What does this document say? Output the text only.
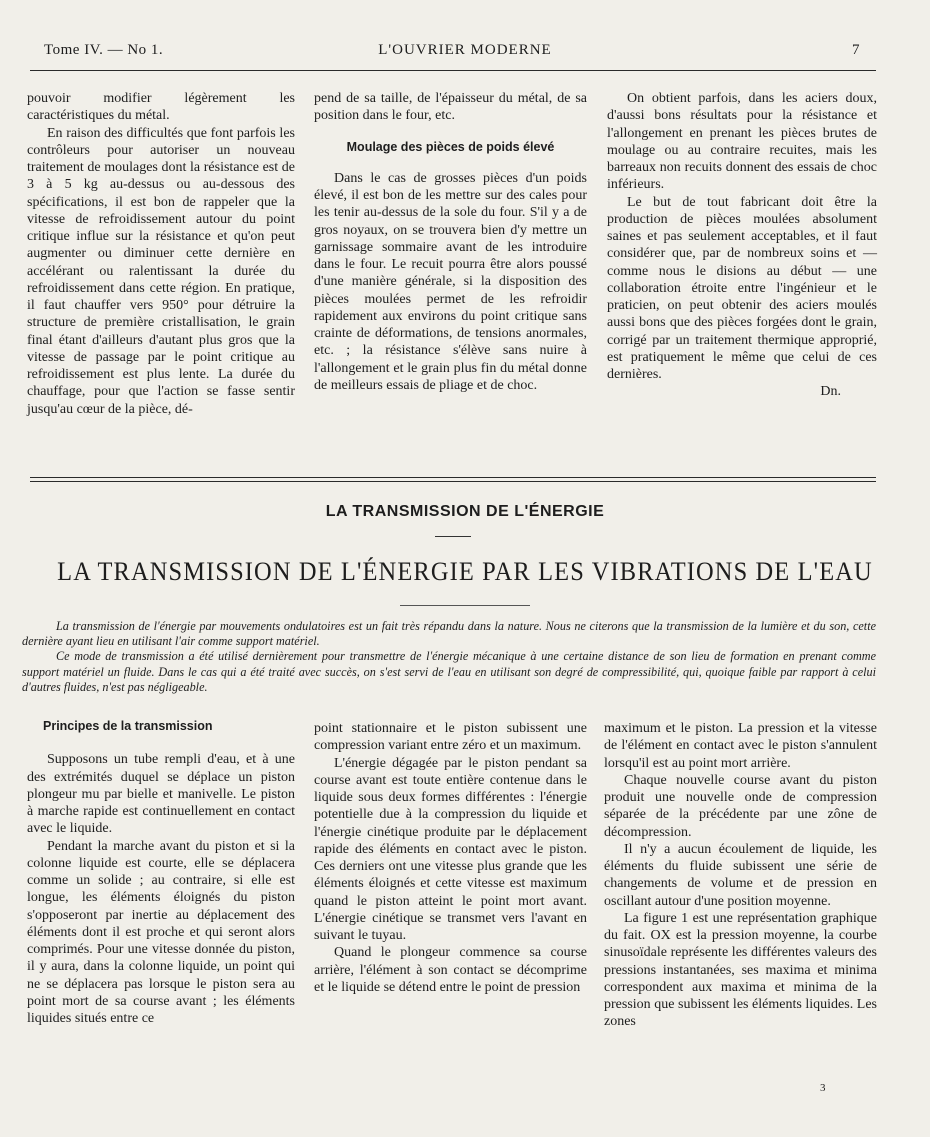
Tome IV. — No 1.	L'OUVRIER MODERNE	7

pouvoir modifier légèrement les caractéristiques du métal.

En raison des difficultés que font parfois les contrôleurs pour autoriser un nouveau traitement de moulages dont la résistance est de 3 à 5 kg au-dessus ou au-dessous des spécifications, il est bon de rappeler que la vitesse de refroidissement autour du point critique influe sur la résistance et qu'on peut augmenter ou diminuer cette dernière en accélérant ou ralentissant la durée du refroidissement dans cette région. En pratique, il faut chauffer vers 950° pour détruire la structure de première cristallisation, le grain final étant d'ailleurs d'autant plus gros que la vitesse de passage par le point critique au refroidissement est plus lente. La durée du chauffage, pour que l'action se fasse sentir jusqu'au cœur de la pièce, dé-

pend de sa taille, de l'épaisseur du métal, de sa position dans le four, etc.

Moulage des pièces de poids élevé

Dans le cas de grosses pièces d'un poids élevé, il est bon de les mettre sur des cales pour les tenir au-dessus de la sole du four. S'il y a de gros noyaux, on se trouvera bien d'y mettre un garnissage sommaire avant de les introduire dans le four. Le recuit pourra être alors poussé d'une manière générale, si la disposition des pièces moulées permet de les refroidir rapidement aux environs du point critique sans crainte de déformations, de tensions anormales, etc. ; la résistance s'élève sans nuire à l'allongement et le grain plus fin du métal donne de meilleurs essais de pliage et de choc.

On obtient parfois, dans les aciers doux, d'aussi bons résultats pour la résistance et l'allongement en prenant les pièces brutes de moulage ou au contraire recuites, mais les barreaux non recuits donnent des essais de choc inférieurs.

Le but de tout fabricant doit être la production de pièces moulées absolument saines et pas seulement acceptables, et il faut considérer que, par de nombreux soins et — comme nous le disions au début — une collaboration étroite entre l'ingénieur et le praticien, on peut obtenir des aciers moulés aussi bons que des pièces forgées dont le grain, corrigé par un traitement thermique approprié, est pratiquement le même que celui de ces dernières.

Dn.

LA TRANSMISSION DE L'ÉNERGIE
LA TRANSMISSION DE L'ÉNERGIE PAR LES VIBRATIONS DE L'EAU

La transmission de l'énergie par mouvements ondulatoires est un fait très répandu dans la nature. Nous ne citerons que la transmission de la lumière et du son, cette dernière ayant lieu en utilisant l'air comme support matériel.

Ce mode de transmission a été utilisé dernièrement pour transmettre de l'énergie mécanique à une certaine distance de son lieu de formation en prenant comme support matériel un fluide. Dans le cas qui a été traité avec succès, on s'est servi de l'eau en utilisant son degré de compressibilité, qui, quoique faible par rapport à celui d'autres fluides, n'est pas négligeable.

Principes de la transmission

Supposons un tube rempli d'eau, et à une des extrémités duquel se déplace un piston plongeur mu par bielle et manivelle. Le piston à marche rapide est continuellement en contact avec le liquide.

Pendant la marche avant du piston et si la colonne liquide est courte, elle se déplacera comme un solide ; au contraire, si elle est longue, les éléments éloignés du piston s'opposeront par inertie au déplacement des éléments dont il est proche et qui seront alors comprimés. Pour une vitesse donnée du piston, il y aura, dans la colonne liquide, un point qui ne se déplacera pas lorsque le piston sera au point mort de sa course avant ; les éléments liquides situés entre ce

point stationnaire et le piston subissent une compression variant entre zéro et un maximum.

L'énergie dégagée par le piston pendant sa course avant est toute entière contenue dans le liquide sous deux formes différentes : l'énergie potentielle due à la compression du liquide et l'énergie cinétique produite par le déplacement rapide des éléments en contact avec le piston. Ces derniers ont une vitesse plus grande que les éléments éloignés et cette vitesse est maximum quand le piston atteint le point mort avant. L'énergie cinétique se transmet vers l'avant en suivant le tuyau.

Quand le plongeur commence sa course arrière, l'élément à son contact se décomprime et le liquide se détend entre le point de pression

maximum et le piston. La pression et la vitesse de l'élément en contact avec le piston s'annulent lorsqu'il est au point mort arrière.

Chaque nouvelle course avant du piston produit une nouvelle onde de compression séparée de la précédente par une zône de décompression.

Il n'y a aucun écoulement de liquide, les éléments du fluide subissent une série de changements de volume et de pression en oscillant autour d'une position moyenne.

La figure 1 est une représentation graphique du fait. OX est la pression moyenne, la courbe sinusoïdale représente les différentes valeurs des pressions instantanées, ses maxima et minima correspondent aux maxima et minima de la pression que subissent les éléments liquides. Les zones

3
